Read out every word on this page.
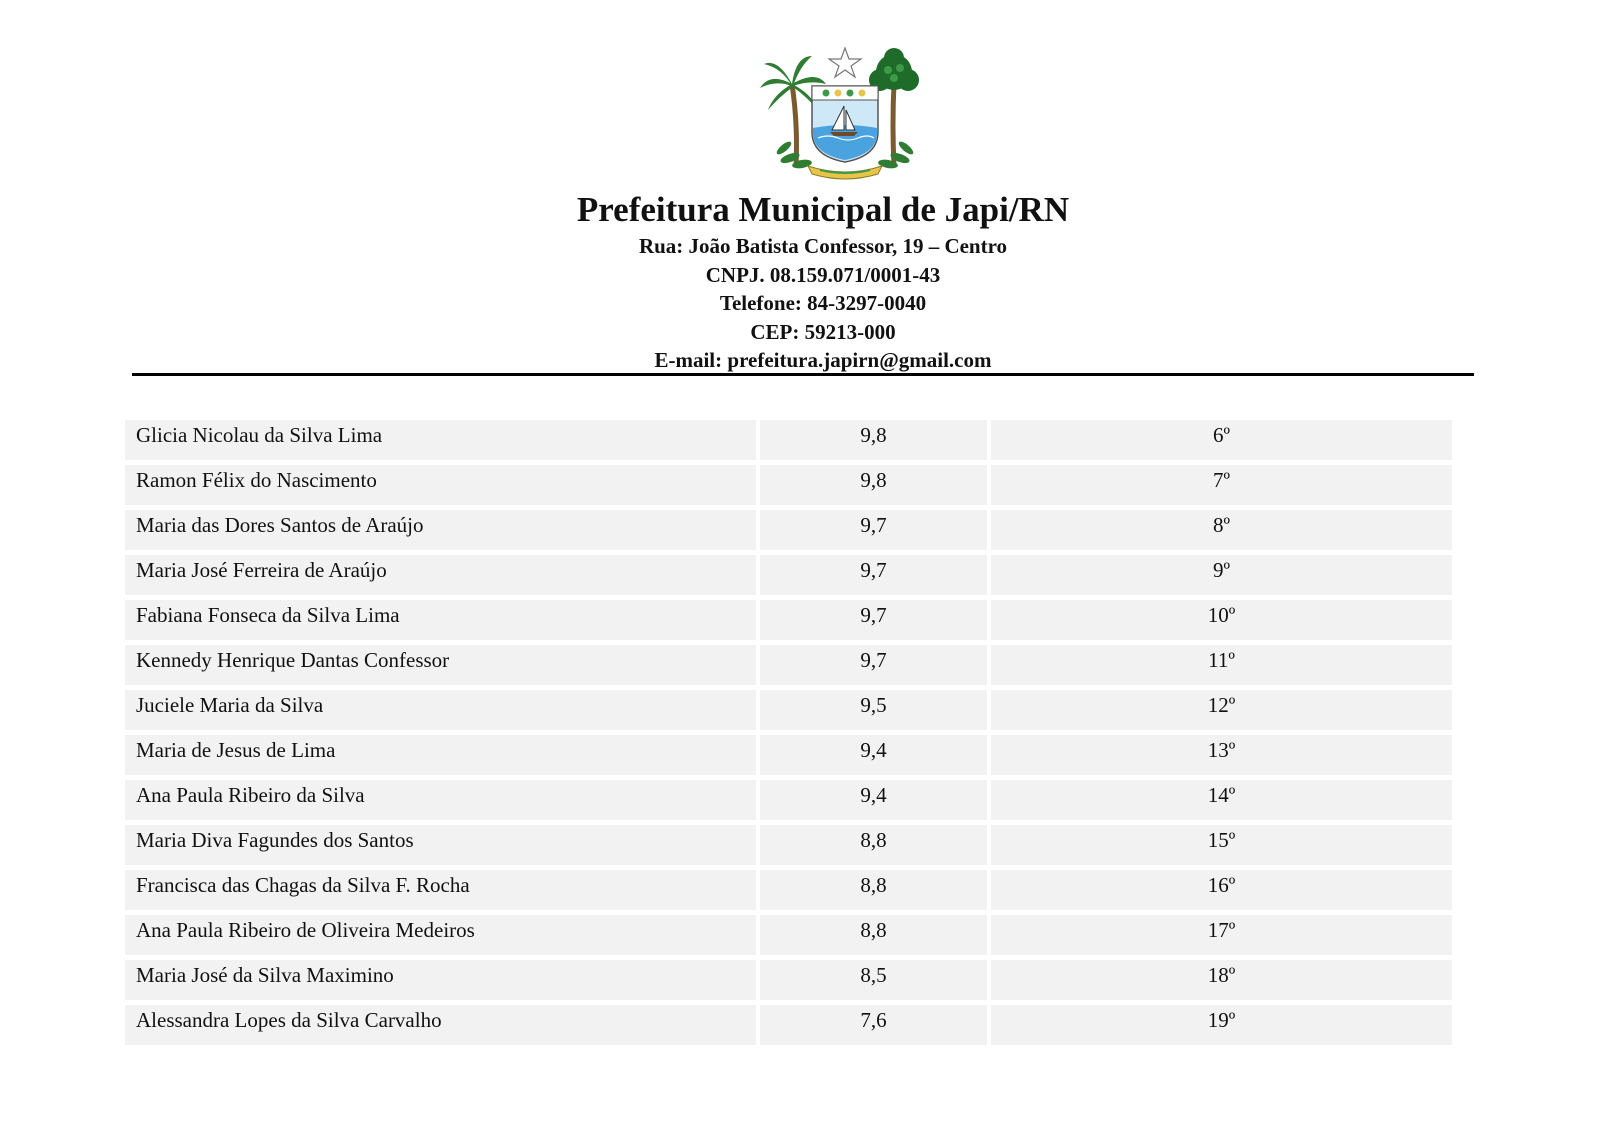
Prefeitura Municipal de Japi/RN
Rua: João Batista Confessor, 19 – Centro
CNPJ. 08.159.071/0001-43
Telefone: 84-3297-0040
CEP: 59213-000
E-mail: prefeitura.japirn@gmail.com
Glicia Nicolau da Silva Lima	9,8	6º
Ramon Félix do Nascimento	9,8	7º
Maria das Dores Santos de Araújo	9,7	8º
Maria José Ferreira de Araújo	9,7	9º
Fabiana Fonseca da Silva Lima	9,7	10º
Kennedy Henrique Dantas Confessor	9,7	11º
Juciele Maria da Silva	9,5	12º
Maria de Jesus de Lima	9,4	13º
Ana Paula Ribeiro da Silva	9,4	14º
Maria Diva Fagundes dos Santos	8,8	15º
Francisca das Chagas da Silva F. Rocha	8,8	16º
Ana Paula Ribeiro de Oliveira Medeiros	8,8	17º
Maria José da Silva Maximino	8,5	18º
Alessandra Lopes da Silva Carvalho	7,6	19º
